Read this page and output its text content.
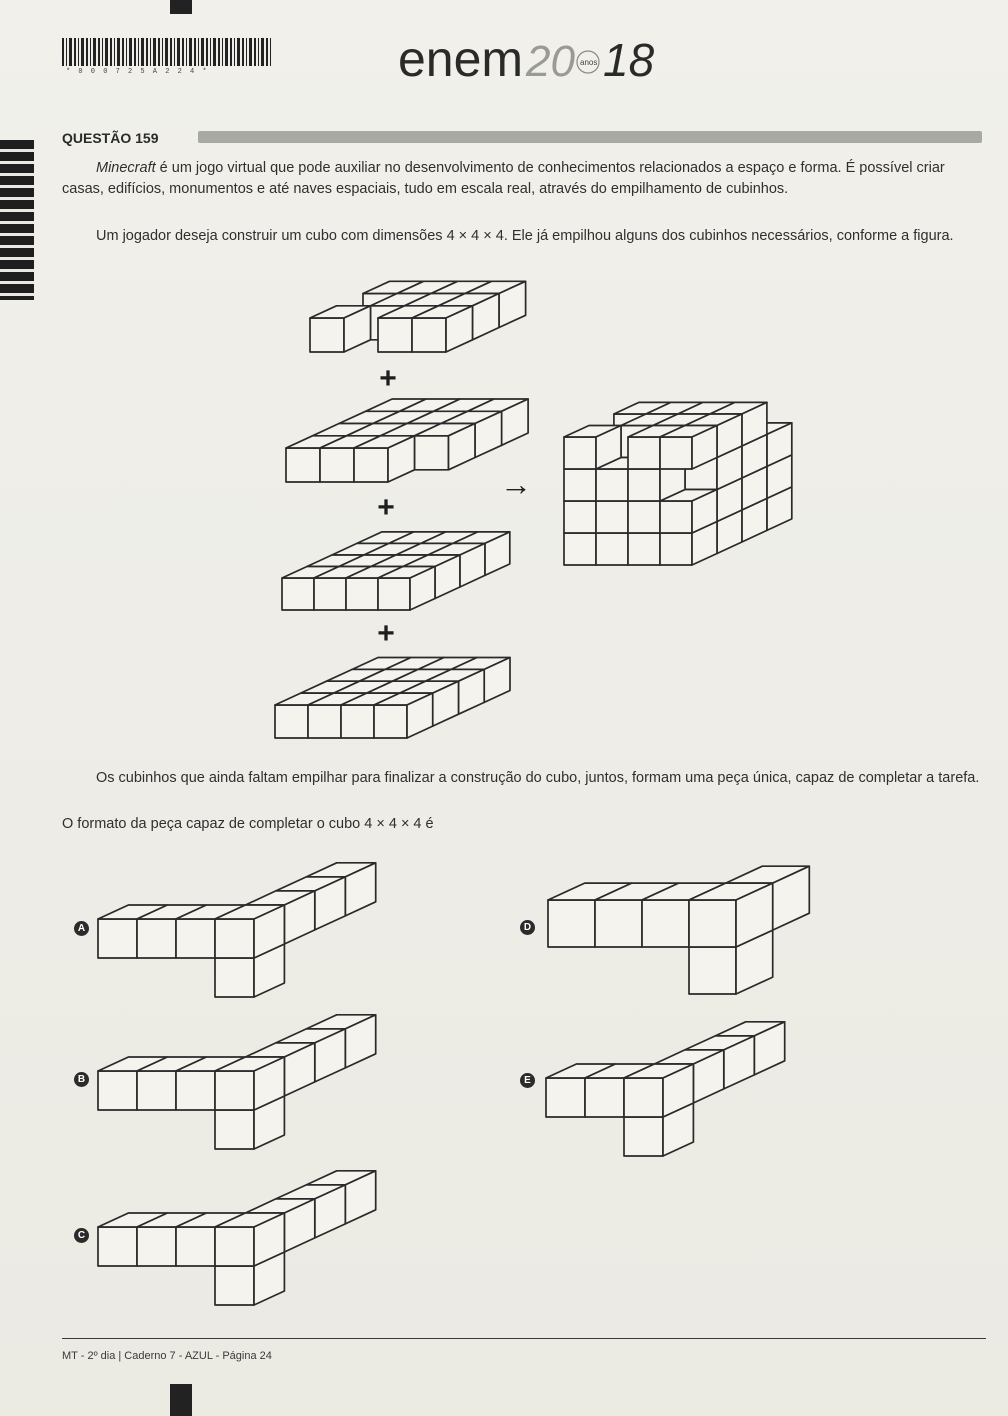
* 0 0 0 7 2 5 A 2 2 4 *	enem 20 18
anos
QUESTÃO 159
Minecraft é um jogo virtual que pode auxiliar no desenvolvimento de conhecimentos relacionados a espaço e forma. É possível criar casas, edifícios, monumentos e até naves espaciais, tudo em escala real, através do empilhamento de cubinhos.
Um jogador deseja construir um cubo com dimensões 4 × 4 × 4. Ele já empilhou alguns dos cubinhos necessários, conforme a figura.
+
+
+
→
Os cubinhos que ainda faltam empilhar para finalizar a construção do cubo, juntos, formam uma peça única, capaz de completar a tarefa.
O formato da peça capaz de completar o cubo 4 × 4 × 4 é
A
B
C
D
E
MT - 2º dia | Caderno 7 - AZUL - Página 24
